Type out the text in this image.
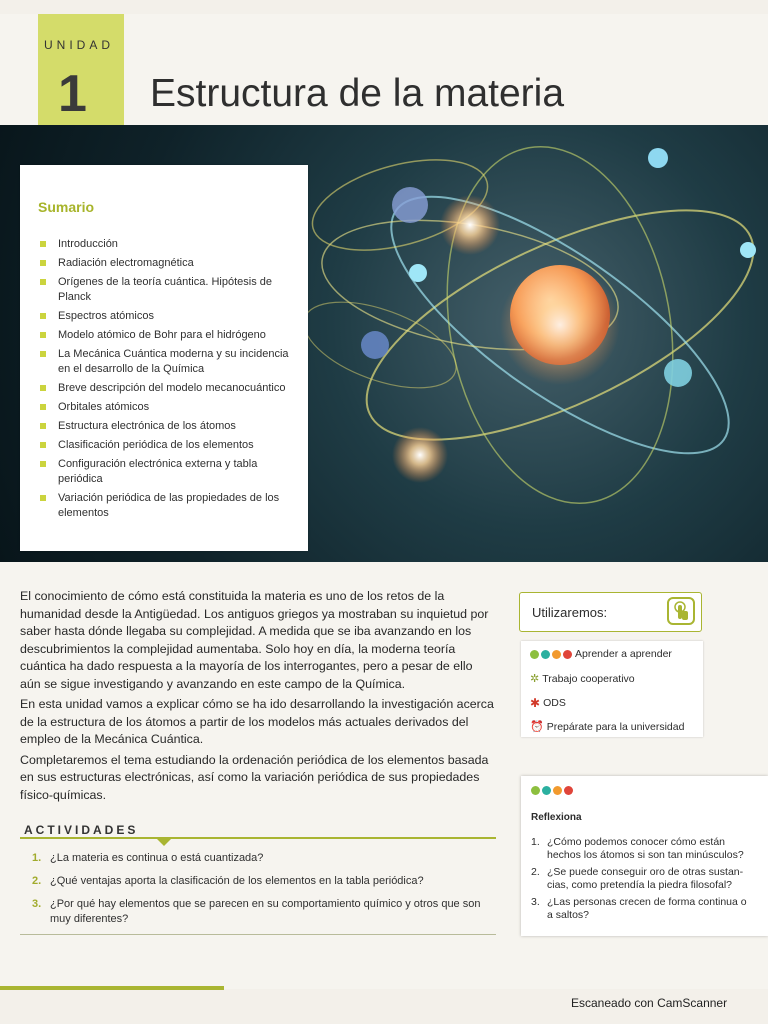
UNIDAD
1 Estructura de la materia
Sumario
Introducción
Radiación electromagnética
Orígenes de la teoría cuántica. Hipótesis de Planck
Espectros atómicos
Modelo atómico de Bohr para el hidrógeno
La Mecánica Cuántica moderna y su incidencia en el desarrollo de la Química
Breve descripción del modelo mecanocuántico
Orbitales atómicos
Estructura electrónica de los átomos
Clasificación periódica de los elementos
Configuración electrónica externa y tabla periódica
Variación periódica de las propiedades de los elementos

El conocimiento de cómo está constituida la materia es uno de los retos de la humanidad desde la Antigüedad. Los antiguos griegos ya mostraban su inquietud por saber hasta dónde llegaba su complejidad. A medida que se iba avanzando en los descubrimientos la complejidad aumentaba. Solo hoy en día, la moderna teoría cuántica ha dado respuesta a la mayoría de los interrogantes, pero a pesar de ello aún se sigue investigando y avanzando en este campo de la Química.

En esta unidad vamos a explicar cómo se ha ido desarrollando la investigación acerca de la estructura de los átomos a partir de los modelos más actuales derivados del empleo de la Mecánica Cuántica.

Completaremos el tema estudiando la ordenación periódica de los elementos basada en sus estructuras electrónicas, así como la variación periódica de sus propiedades físico-químicas.

ACTIVIDADES
1. ¿La materia es continua o está cuantizada?
2. ¿Qué ventajas aporta la clasificación de los elementos en la tabla periódica?
3. ¿Por qué hay elementos que se parecen en su comportamiento químico y otros que son muy diferentes?
Utilizaremos:
Aprender a aprender
✲ Trabajo cooperativo
✱ ODS
⏰ Prepárate para la universidad
Reflexiona
1. ¿Cómo podemos conocer cómo están
hechos los átomos si son tan minúsculos?
2. ¿Se puede conseguir oro de otras sustan-
cias, como pretendía la piedra filosofal?
3. ¿Las personas crecen de forma continua o
a saltos?
Escaneado con CamScanner
